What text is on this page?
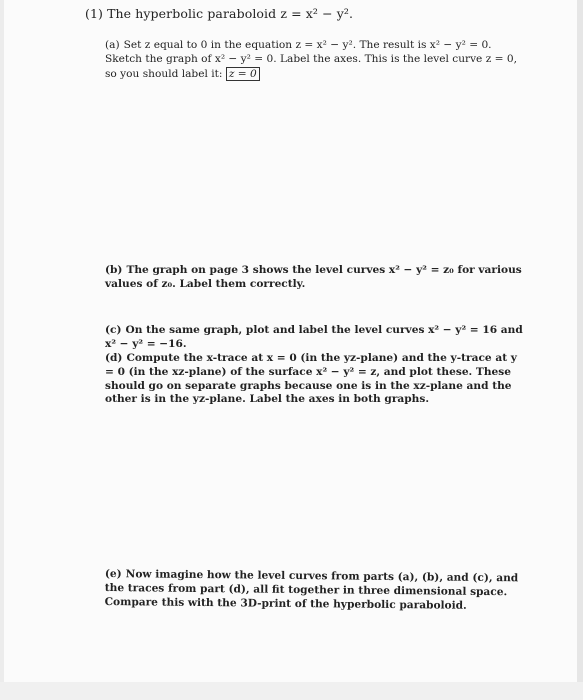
(1) The hyperbolic paraboloid z = x² − y².
(a) Set z equal to 0 in the equation z = x² − y². The result is x² − y² = 0. Sketch the graph of x² − y² = 0. Label the axes. This is the level curve z = 0, so you should label it: z = 0
(b) The graph on page 3 shows the level curves x² − y² = z₀ for various values of z₀. Label them correctly.
(c) On the same graph, plot and label the level curves x² − y² = 16 and x² − y² = −16.
(d) Compute the x-trace at x = 0 (in the yz-plane) and the y-trace at y = 0 (in the xz-plane) of the surface x² − y² = z, and plot these. These should go on separate graphs because one is in the xz-plane and the other is in the yz-plane. Label the axes in both graphs.
(e) Now imagine how the level curves from parts (a), (b), and (c), and the traces from part (d), all fit together in three dimensional space. Compare this with the 3D-print of the hyperbolic paraboloid.
